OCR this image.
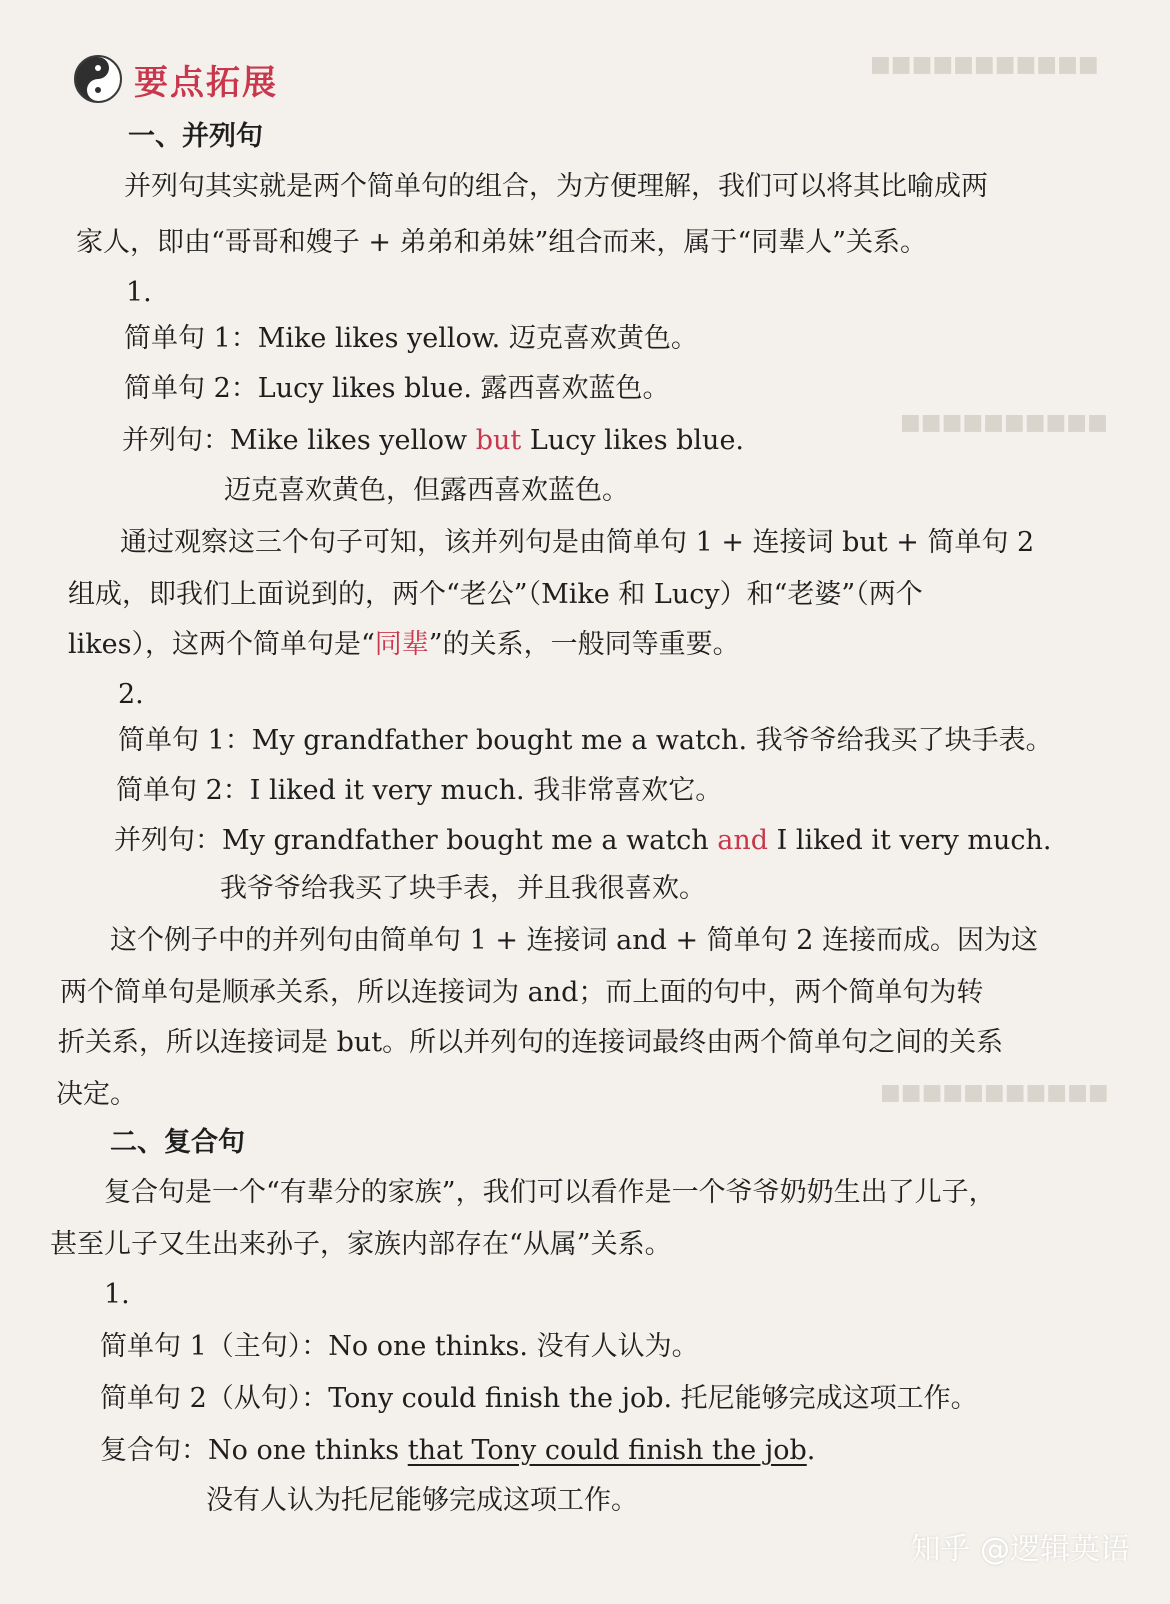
■■■■■■■■■■■
■■■■■■■■■■
■■■■■■■■■■■
要点拓展
一、并列句
并列句其实就是两个简单句的组合，为方便理解，我们可以将其比喻成两
家人，即由“哥哥和嫂子 + 弟弟和弟妹”组合而来，属于“同辈人”关系。
1.
简单句 1：Mike likes yellow. 迈克喜欢黄色。
简单句 2：Lucy likes blue. 露西喜欢蓝色。
并列句：Mike likes yellow but Lucy likes blue.
迈克喜欢黄色，但露西喜欢蓝色。
通过观察这三个句子可知，该并列句是由简单句 1 + 连接词 but + 简单句 2
组成，即我们上面说到的，两个“老公”（Mike 和 Lucy）和“老婆”（两个
likes），这两个简单句是“同辈”的关系，一般同等重要。
2.
简单句 1：My grandfather bought me a watch. 我爷爷给我买了块手表。
简单句 2：I liked it very much. 我非常喜欢它。
并列句：My grandfather bought me a watch and I liked it very much.
我爷爷给我买了块手表，并且我很喜欢。
这个例子中的并列句由简单句 1 + 连接词 and + 简单句 2 连接而成。因为这
两个简单句是顺承关系，所以连接词为 and；而上面的句中，两个简单句为转
折关系，所以连接词是 but。所以并列句的连接词最终由两个简单句之间的关系
决定。
二、复合句
复合句是一个“有辈分的家族”，我们可以看作是一个爷爷奶奶生出了儿子，
甚至儿子又生出来孙子，家族内部存在“从属”关系。
1.
简单句 1（主句）：No one thinks. 没有人认为。
简单句 2（从句）：Tony could finish the job. 托尼能够完成这项工作。
复合句：No one thinks that Tony could finish the job.
没有人认为托尼能够完成这项工作。
知乎 @逻辑英语
